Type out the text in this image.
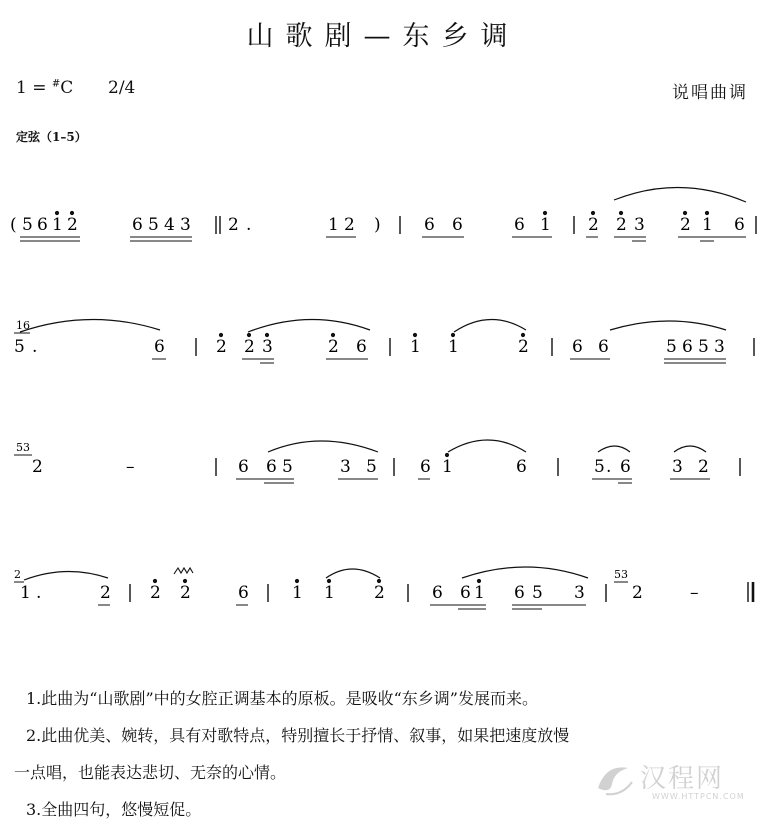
山歌剧—东乡调
1 = #C 2/4	说唱曲调
定弦（1–5）
( 5 6 1 2	6 5 4 3 2 .	1 2 )	6 6	6 1 2 2 3 2 1 6
16
5 .	6	2 2 3	2 6	1 1	2	6 6	5 6 5 3
53
2	–	6 6 5	3 5	6 1	6	5 . 6 3 2
2
1 .	2 2 2	6	1 1 2	6 6 1 6 5 3
53
2	–
1.此曲为“山歌剧”中的女腔正调基本的原板。是吸收“东乡调”发展而来。
2.此曲优美、婉转，具有对歌特点，特别擅长于抒情、叙事，如果把速度放慢
一点唱，也能表达悲切、无奈的心情。
3.全曲四句，悠慢短促。
汉程网
WWW.HTTPCN.COM
